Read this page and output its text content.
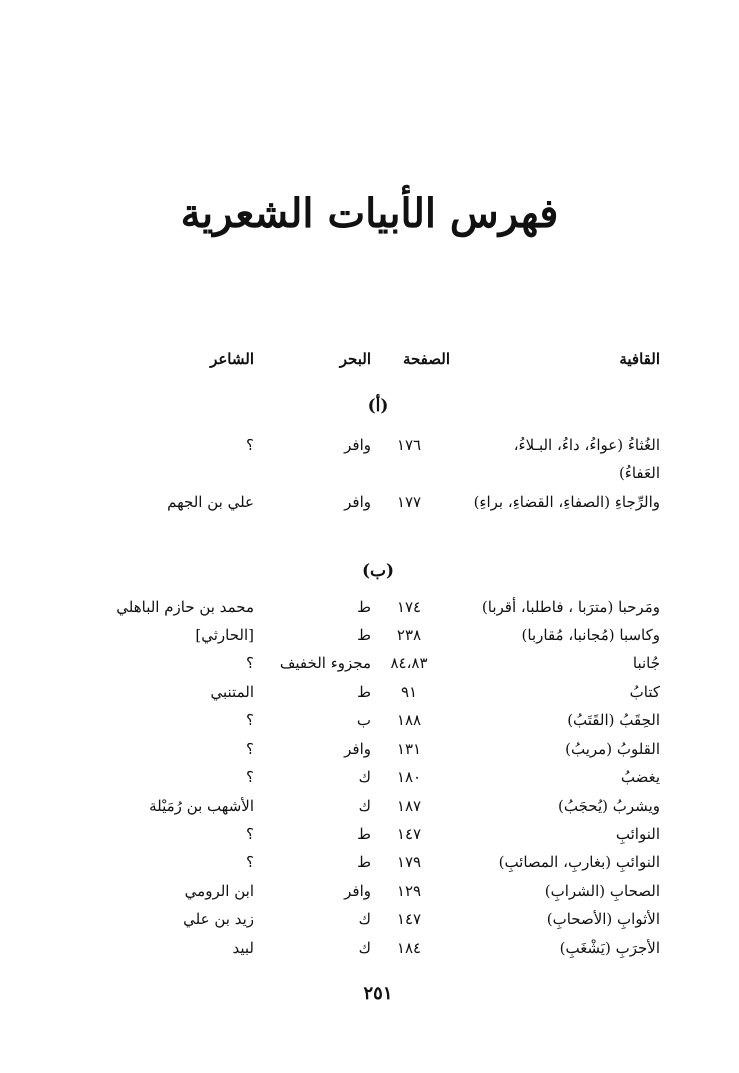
فهرس الأبيات الشعرية
القافية
الصفحة
البحر
الشاعر
(أ)
الغُثاءُ (عواءُ، داءُ، البـلاءُ،
١٧٦
وافر
؟
العَفاءُ)
والرِّجاءِ (الصفاءِ، القضاءِ، براءِ)
١٧٧
وافر
علي بن الجهم
(ب)
ومَرحبا (مترَبا ، فاطلبا، أقربا)
١٧٤
ط
محمد بن حازم الباهلي
وكاسبا (مُجانبا، مُقاربا)
٢٣٨
ط
[الحارثي]
جُانبا
٨٤،٨٣
مجزوء الخفيف
؟
كتابُ
٩١
ط
المتنبي
الحِقَبُ (القَتَبُ)
١٨٨
ب
؟
القلوبُ (مريبُ)
١٣١
وافر
؟
يغضبُ
١٨٠
ك
؟
ويشربُ (يُحجَبُ)
١٨٧
ك
الأشهب بن رُمَيْلة
النوائبِ
١٤٧
ط
؟
النوائبِ (بغاربِ، المصائبِ)
١٧٩
ط
؟
الصحابِ (الشرابِ)
١٢٩
وافر
ابن الرومي
الأثوابِ (الأصحابِ)
١٤٧
ك
زيد بن علي
الأجرَبِ (يَشْغَبِ)
١٨٤
ك
لبيد
٢٥١
